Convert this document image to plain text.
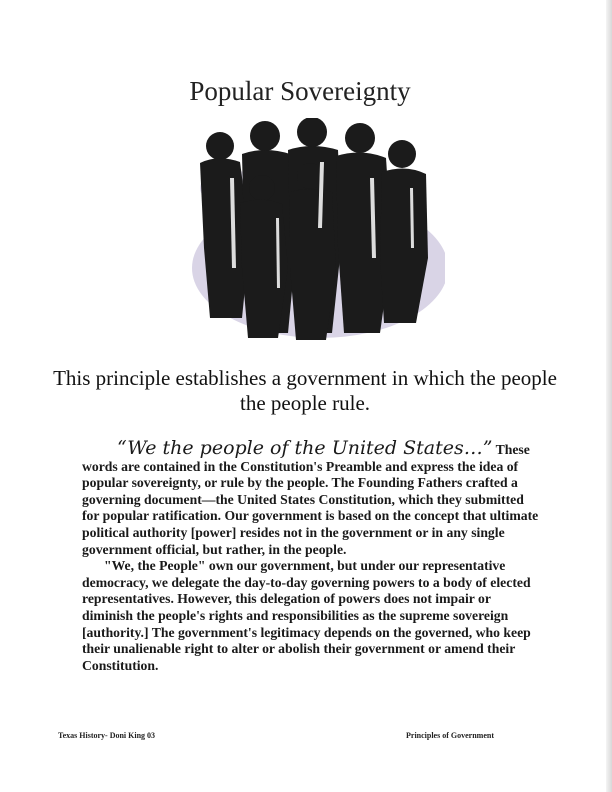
Popular Sovereignty
This principle establishes a government in which the people the people rule.

“We the people of the United States…” These words are contained in the Constitution's Preamble and express the idea of popular sovereignty, or rule by the people. The Founding Fathers crafted a governing document—the United States Constitution, which they submitted for popular ratification. Our government is based on the concept that ultimate political authority [power] resides not in the government or in any single government official, but rather, in the people.

"We, the People" own our government, but under our representative democracy, we delegate the day-to-day governing powers to a body of elected representatives. However, this delegation of powers does not impair or diminish the people's rights and responsibilities as the supreme sovereign [authority.] The government's legitimacy depends on the governed, who keep their unalienable right to alter or abolish their government or amend their Constitution.

Texas History- Doni King 03	Principles of Government
